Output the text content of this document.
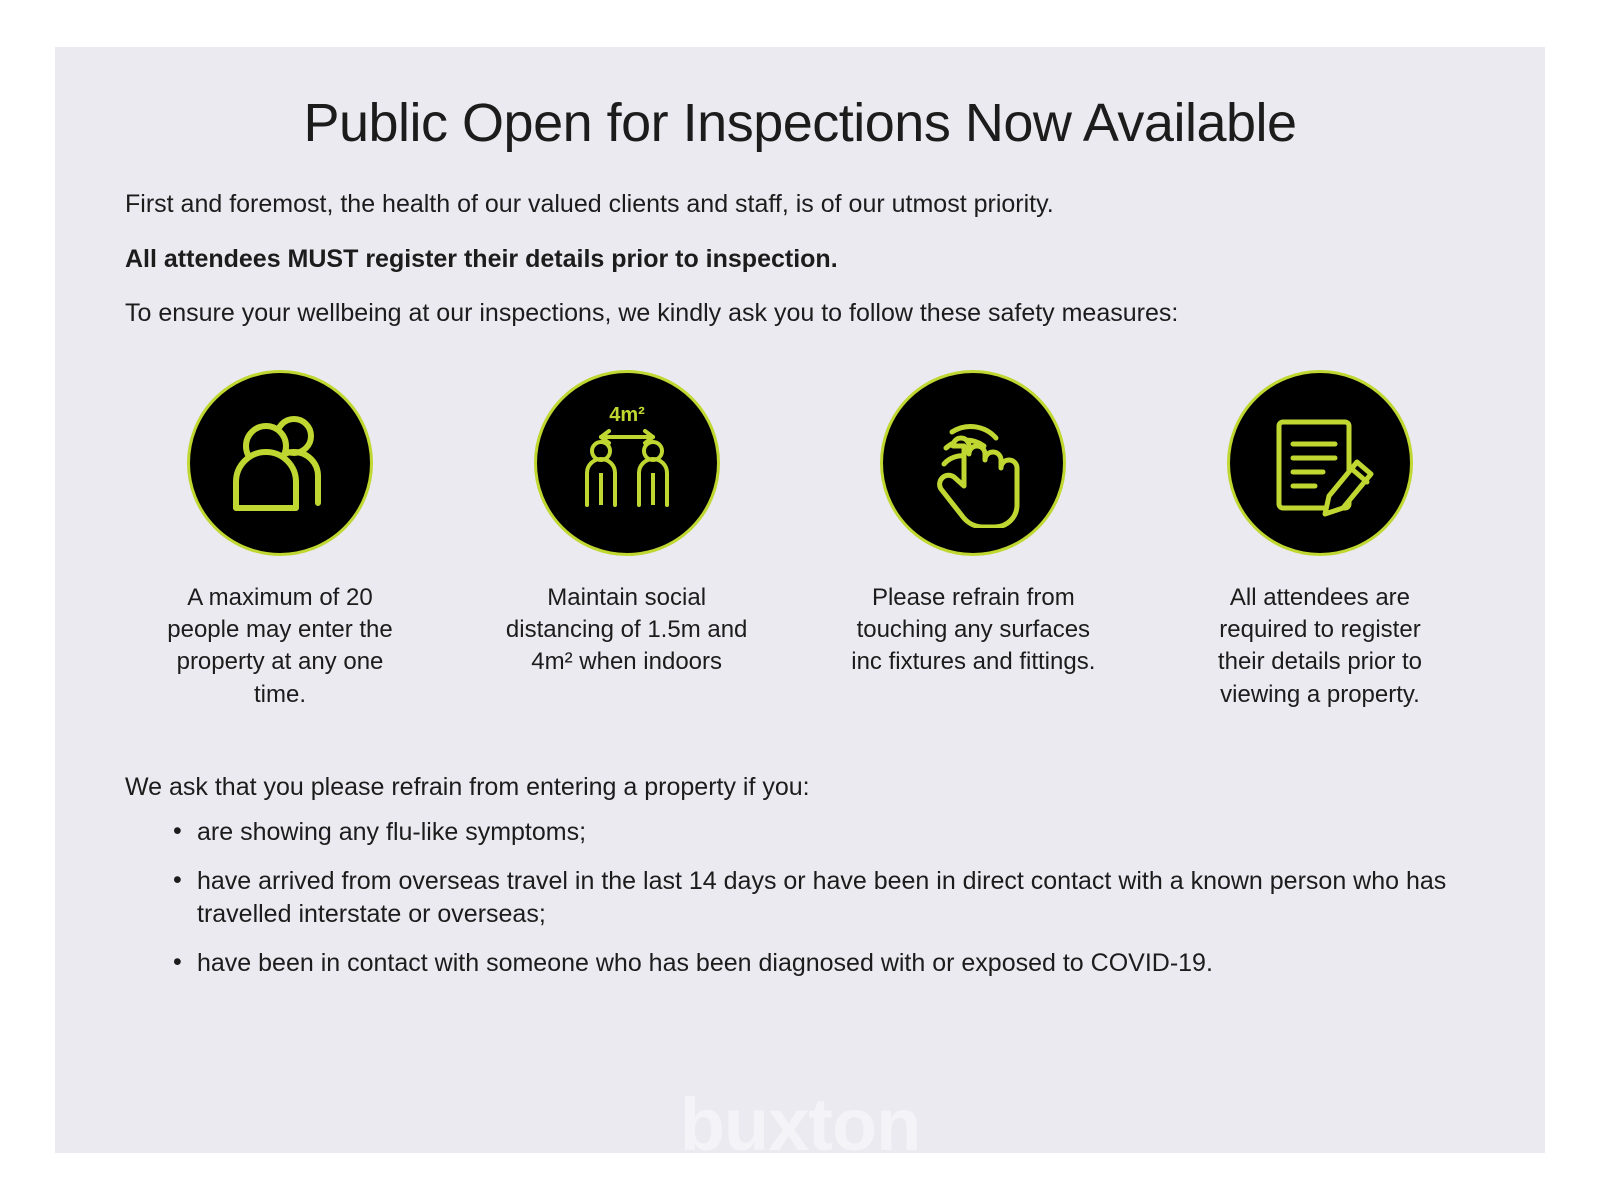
Public Open for Inspections Now Available

First and foremost, the health of our valued clients and staff, is of our utmost priority.

All attendees MUST register their details prior to inspection.

To ensure your wellbeing at our inspections, we kindly ask you to follow these safety measures:

A maximum of 20 people may enter the property at any one time.
4m²
Maintain social distancing of 1.5m and 4m² when indoors
Please refrain from touching any surfaces inc fixtures and fittings.
All attendees are required to register their details prior to viewing a property.

We ask that you please refrain from entering a property if you:

• are showing any flu-like symptoms;
• have arrived from overseas travel in the last 14 days or have been in direct contact with a known person who has travelled interstate or overseas;
• have been in contact with someone who has been diagnosed with or exposed to COVID-19.
buxton
